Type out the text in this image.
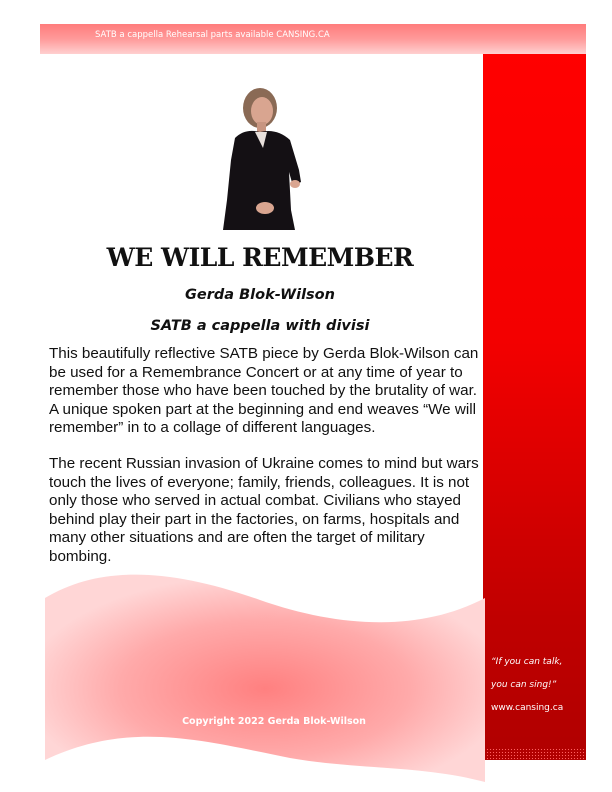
SATB a cappella Rehearsal parts available CANSING.CA
“If you can talk,
you can sing!”
www.cansing.ca
WE WILL REMEMBER
Gerda Blok-Wilson
SATB a cappella with divisi

This beautifully reflective SATB piece by Gerda Blok-Wilson can be used for a Remembrance Concert or at any time of year to remember those who have been touched by the brutality of war. A unique spoken part at the beginning and end weaves “We will remember” in to a collage of different languages.

The recent Russian invasion of Ukraine comes to mind but wars touch the lives of everyone; family, friends, colleagues. It is not only those who served in actual combat. Civilians who stayed behind play their part in the factories, on farms, hospitals and many other situations and are often the target of military bombing.

Copyright 2022 Gerda Blok-Wilson
